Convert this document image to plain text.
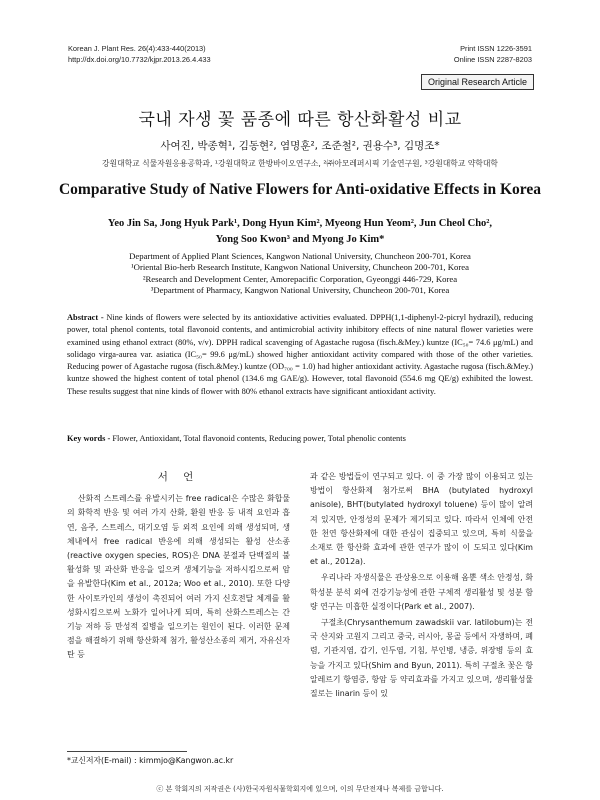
Korean J. Plant Res. 26(4):433-440(2013)
http://dx.doi.org/10.7732/kjpr.2013.26.4.433
Print ISSN 1226-3591
Online ISSN 2287-8203
Original Research Article
국내 자생 꽃 품종에 따른 항산화활성 비교
사여진, 박종혁¹, 김동현², 염명훈², 조준철², 권용수³, 김명조*
강원대학교 식물자원응용공학과, ¹강원대학교 한방바이오연구소, ²㈜아모레퍼시픽 기술연구원, ³강원대학교 약학대학
Comparative Study of Native Flowers for Anti-oxidative Effects in Korea
Yeo Jin Sa, Jong Hyuk Park¹, Dong Hyun Kim², Myeong Hun Yeom², Jun Cheol Cho²,
Yong Soo Kwon³ and Myong Jo Kim*
Department of Applied Plant Sciences, Kangwon National University, Chuncheon 200-701, Korea
¹Oriental Bio-herb Research Institute, Kangwon National University, Chuncheon 200-701, Korea
²Research and Development Center, Amorepacific Corporation, Gyeonggi 446-729, Korea
³Department of Pharmacy, Kangwon National University, Chuncheon 200-701, Korea
Abstract - Nine kinds of flowers were selected by its antioxidative activities evaluated. DPPH(1,1-diphenyl-2-picryl hydrazil), reducing power, total phenol contents, total flavonoid contents, and antimicrobial activity inhibitory effects of nine natural flower varieties were examined using ethanol extract (80%, v/v). DPPH radical scavenging of Agastache rugosa (fisch.&Mey.) kuntze (IC₅₀= 74.6 μg/mL) and solidago virga-aurea var. asiatica (IC₅₀= 99.6 μg/mL) showed higher antioxidant activity compared with those of the other varieties. Reducing power of Agastache rugosa (fisch.&Mey.) kuntze (OD₇₀₀ = 1.0) had higher antioxidant activity. Agastache rugosa (fisch.&Mey.) kuntze showed the highest content of total phenol (134.6 mg GAE/g). However, total flavonoid (554.6 mg QE/g) exhibited the lowest. These results suggest that nine kinds of flower with 80% ethanol extracts have significant antioxidant activity.
Key words - Flower, Antioxidant, Total flavonoid contents, Reducing power, Total phenolic contents
서 언

산화적 스트레스를 유발시키는 free radical은 수많은 화합물의 화학적 반응 및 여러 가지 산화, 환원 반응 등 내적 요인과 흡연, 음주, 스트레스, 대기오염 등 외적 요인에 의해 생성되며, 생체내에서 free radical 반응에 의해 생성되는 활성 산소종(reactive oxygen species, ROS)은 DNA 분절과 단백질의 불활성화 및 과산화 반응을 일으켜 생체기능을 저하시킴으로써 암을 유발한다(Kim et al., 2012a; Woo et al., 2010). 또한 다양한 사이토카인의 생성이 촉진되어 여러 가지 신호전달 체계를 활성화시킴으로써 노화가 일어나게 되며, 특히 산화스트레스는 간 기능 저하 등 만성적 질병을 일으키는 원인이 된다. 이러한 문제점을 해결하기 위해 항산화제 첨가, 활성산소종의 제거, 자유신자탄 등

과 같은 방법들이 연구되고 있다. 이 중 가장 많이 이용되고 있는 방법이 항산화제 첨가로써 BHA (butylated hydroxyl anisole), BHT(butylated hydroxyl toluene) 등이 많이 알려져 있지만, 안정성의 문제가 제기되고 있다. 따라서 인체에 안전한 천연 항산화제에 대한 관심이 집중되고 있으며, 특히 식물을 소재로 한 항산화 효과에 관한 연구가 많이 이 도되고 있다(Kim et al., 2012a).

우리나라 자생식물은 관상용으로 이용해 옴뿐 색소 안정성, 화학성분 분석 외에 건강기능성에 관한 구체적 생리활성 및 성분 함량 연구는 미흡한 실정이다(Park et al., 2007).

구절초(Chrysanthemum zawadskii var. latilobum)는 전국 산지와 고원지 그리고 중국, 러시아, 몽골 등에서 자생하며, 폐렴, 기관지염, 갑기, 인두염, 기침, 부인병, 냉증, 위장병 등의 효능을 가지고 있다(Shim and Byun, 2011). 특히 구절초 꽃은 항 알레르기 항염증, 항암 등 약리효과를 가지고 있으며, 생리활성물질로는 linarin 등이 있

*교신저자(E-mail) : kimmjo@Kangwon.ac.kr
ⓒ 본 학회지의 저작권은 (사)한국자원식물학회지에 있으며, 이의 무단전재나 복제를 금합니다.
